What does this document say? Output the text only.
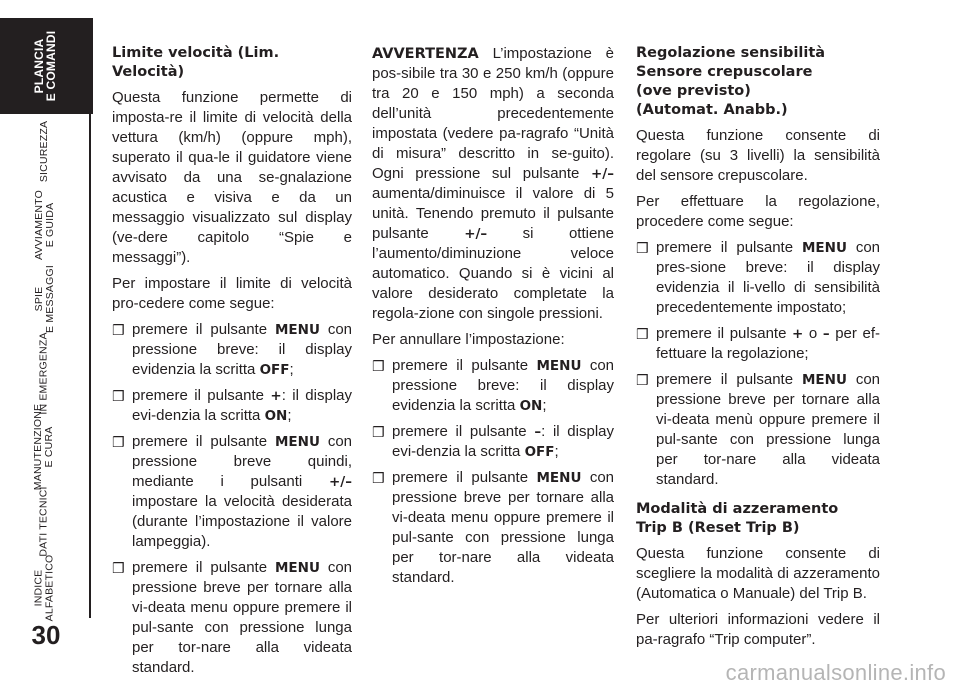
PLANCIA
E COMANDI
SICUREZZA
AVVIAMENTO E GUIDA
SPIE E MESSAGGI
IN EMERGENZA
MANUTENZIONE E CURA
DATI TECNICI
INDICE ALFABETICO
30
Limite velocità (Lim. Velocità)

Questa funzione permette di imposta-re il limite di velocità della vettura (km/h) (oppure mph), superato il qua-le il guidatore viene avvisato da una se-gnalazione acustica e visiva e da un messaggio visualizzato sul display (ve-dere capitolo “Spie e messaggi”).

Per impostare il limite di velocità pro-cedere come segue:

❒ premere il pulsante MENU con pressione breve: il display evidenzia la scritta OFF;
❒ premere il pulsante +: il display evi-denzia la scritta ON;
❒ premere il pulsante MENU con pressione breve quindi, mediante i pulsanti +/– impostare la velocità desiderata (durante l’impostazione il valore lampeggia).
❒ premere il pulsante MENU con pressione breve per tornare alla vi-deata menu oppure premere il pul-sante con pressione lunga per tor-nare alla videata standard.

AVVERTENZA L’impostazione è pos-sibile tra 30 e 250 km/h (oppure tra 20 e 150 mph) a seconda dell’unità precedentemente impostata (vedere pa-ragrafo “Unità di misura” descritto in se-guito). Ogni pressione sul pulsante +/– aumenta/diminuisce il valore di 5 unità. Tenendo premuto il pulsante pulsante +/– si ottiene l’aumento/diminuzione veloce automatico. Quando si è vicini al valore desiderato completate la regola-zione con singole pressioni.

Per annullare l’impostazione:

❒ premere il pulsante MENU con pressione breve: il display evidenzia la scritta ON;
❒ premere il pulsante –: il display evi-denzia la scritta OFF;
❒ premere il pulsante MENU con pressione breve per tornare alla vi-deata menu oppure premere il pul-sante con pressione lunga per tor-nare alla videata standard.
Regolazione sensibilità
Sensore crepuscolare
(ove previsto)
(Automat. Anabb.)

Questa funzione consente di regolare (su 3 livelli) la sensibilità del sensore crepuscolare.

Per effettuare la regolazione, procedere come segue:

❒ premere il pulsante MENU con pres-sione breve: il display evidenzia il li-vello di sensibilità precedentemente impostato;
❒ premere il pulsante + o – per ef-fettuare la regolazione;
❒ premere il pulsante MENU con pressione breve per tornare alla vi-deata menù oppure premere il pul-sante con pressione lunga per tor-nare alla videata standard.
Modalità di azzeramento
Trip B (Reset Trip B)

Questa funzione consente di scegliere la modalità di azzeramento (Automatica o Manuale) del Trip B.

Per ulteriori informazioni vedere il pa-ragrafo “Trip computer”.

carmanualsonline.info
